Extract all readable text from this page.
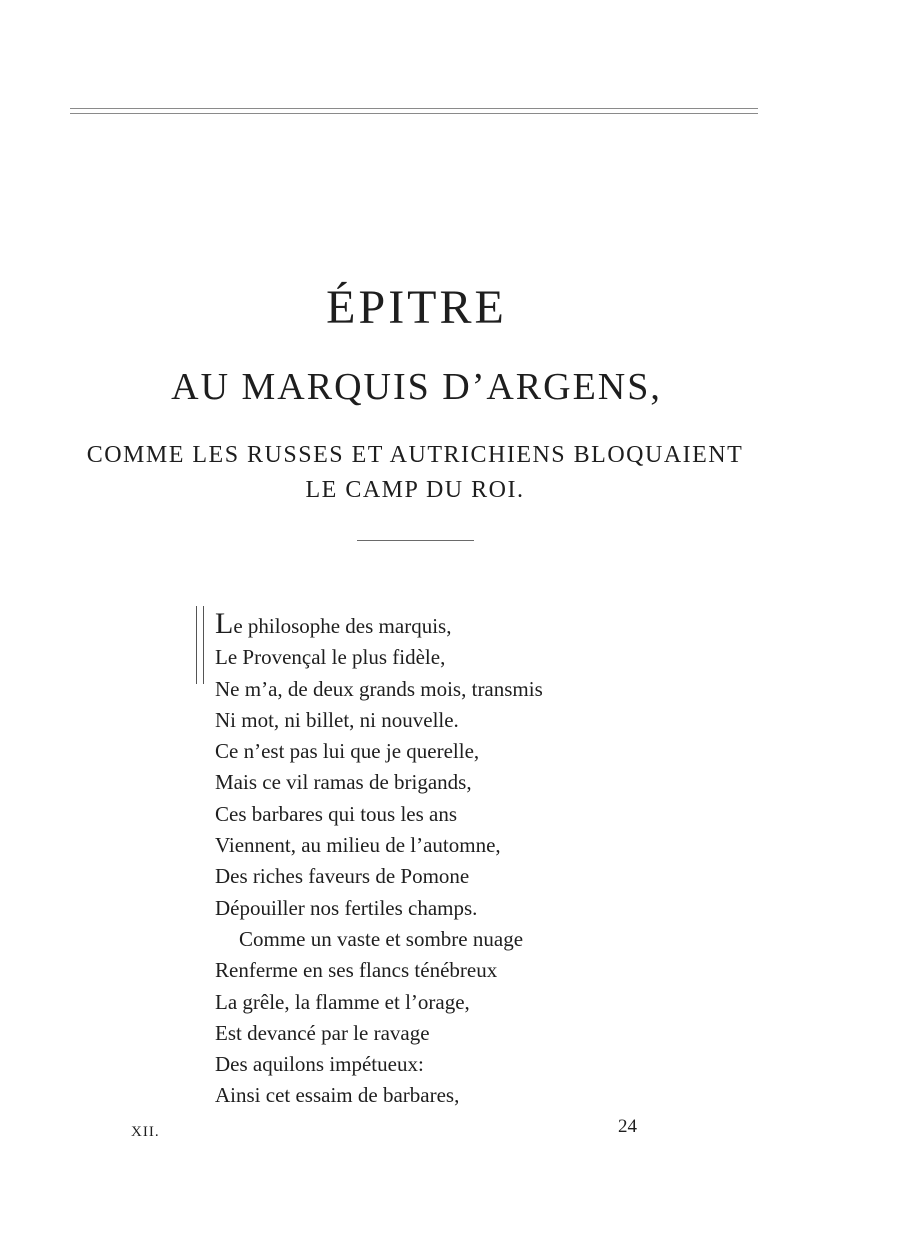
ÉPITRE
AU MARQUIS D’ARGENS,
COMME LES RUSSES ET AUTRICHIENS BLOQUAIENT
LE CAMP DU ROI.
Le philosophe des marquis,
Le Provençal le plus fidèle,
Ne m’a, de deux grands mois, transmis
Ni mot, ni billet, ni nouvelle.
Ce n’est pas lui que je querelle,
Mais ce vil ramas de brigands,
Ces barbares qui tous les ans
Viennent, au milieu de l’automne,
Des riches faveurs de Pomone
Dépouiller nos fertiles champs.
Comme un vaste et sombre nuage
Renferme en ses flancs ténébreux
La grêle, la flamme et l’orage,
Est devancé par le ravage
Des aquilons impétueux:
Ainsi cet essaim de barbares,
XII.	24
